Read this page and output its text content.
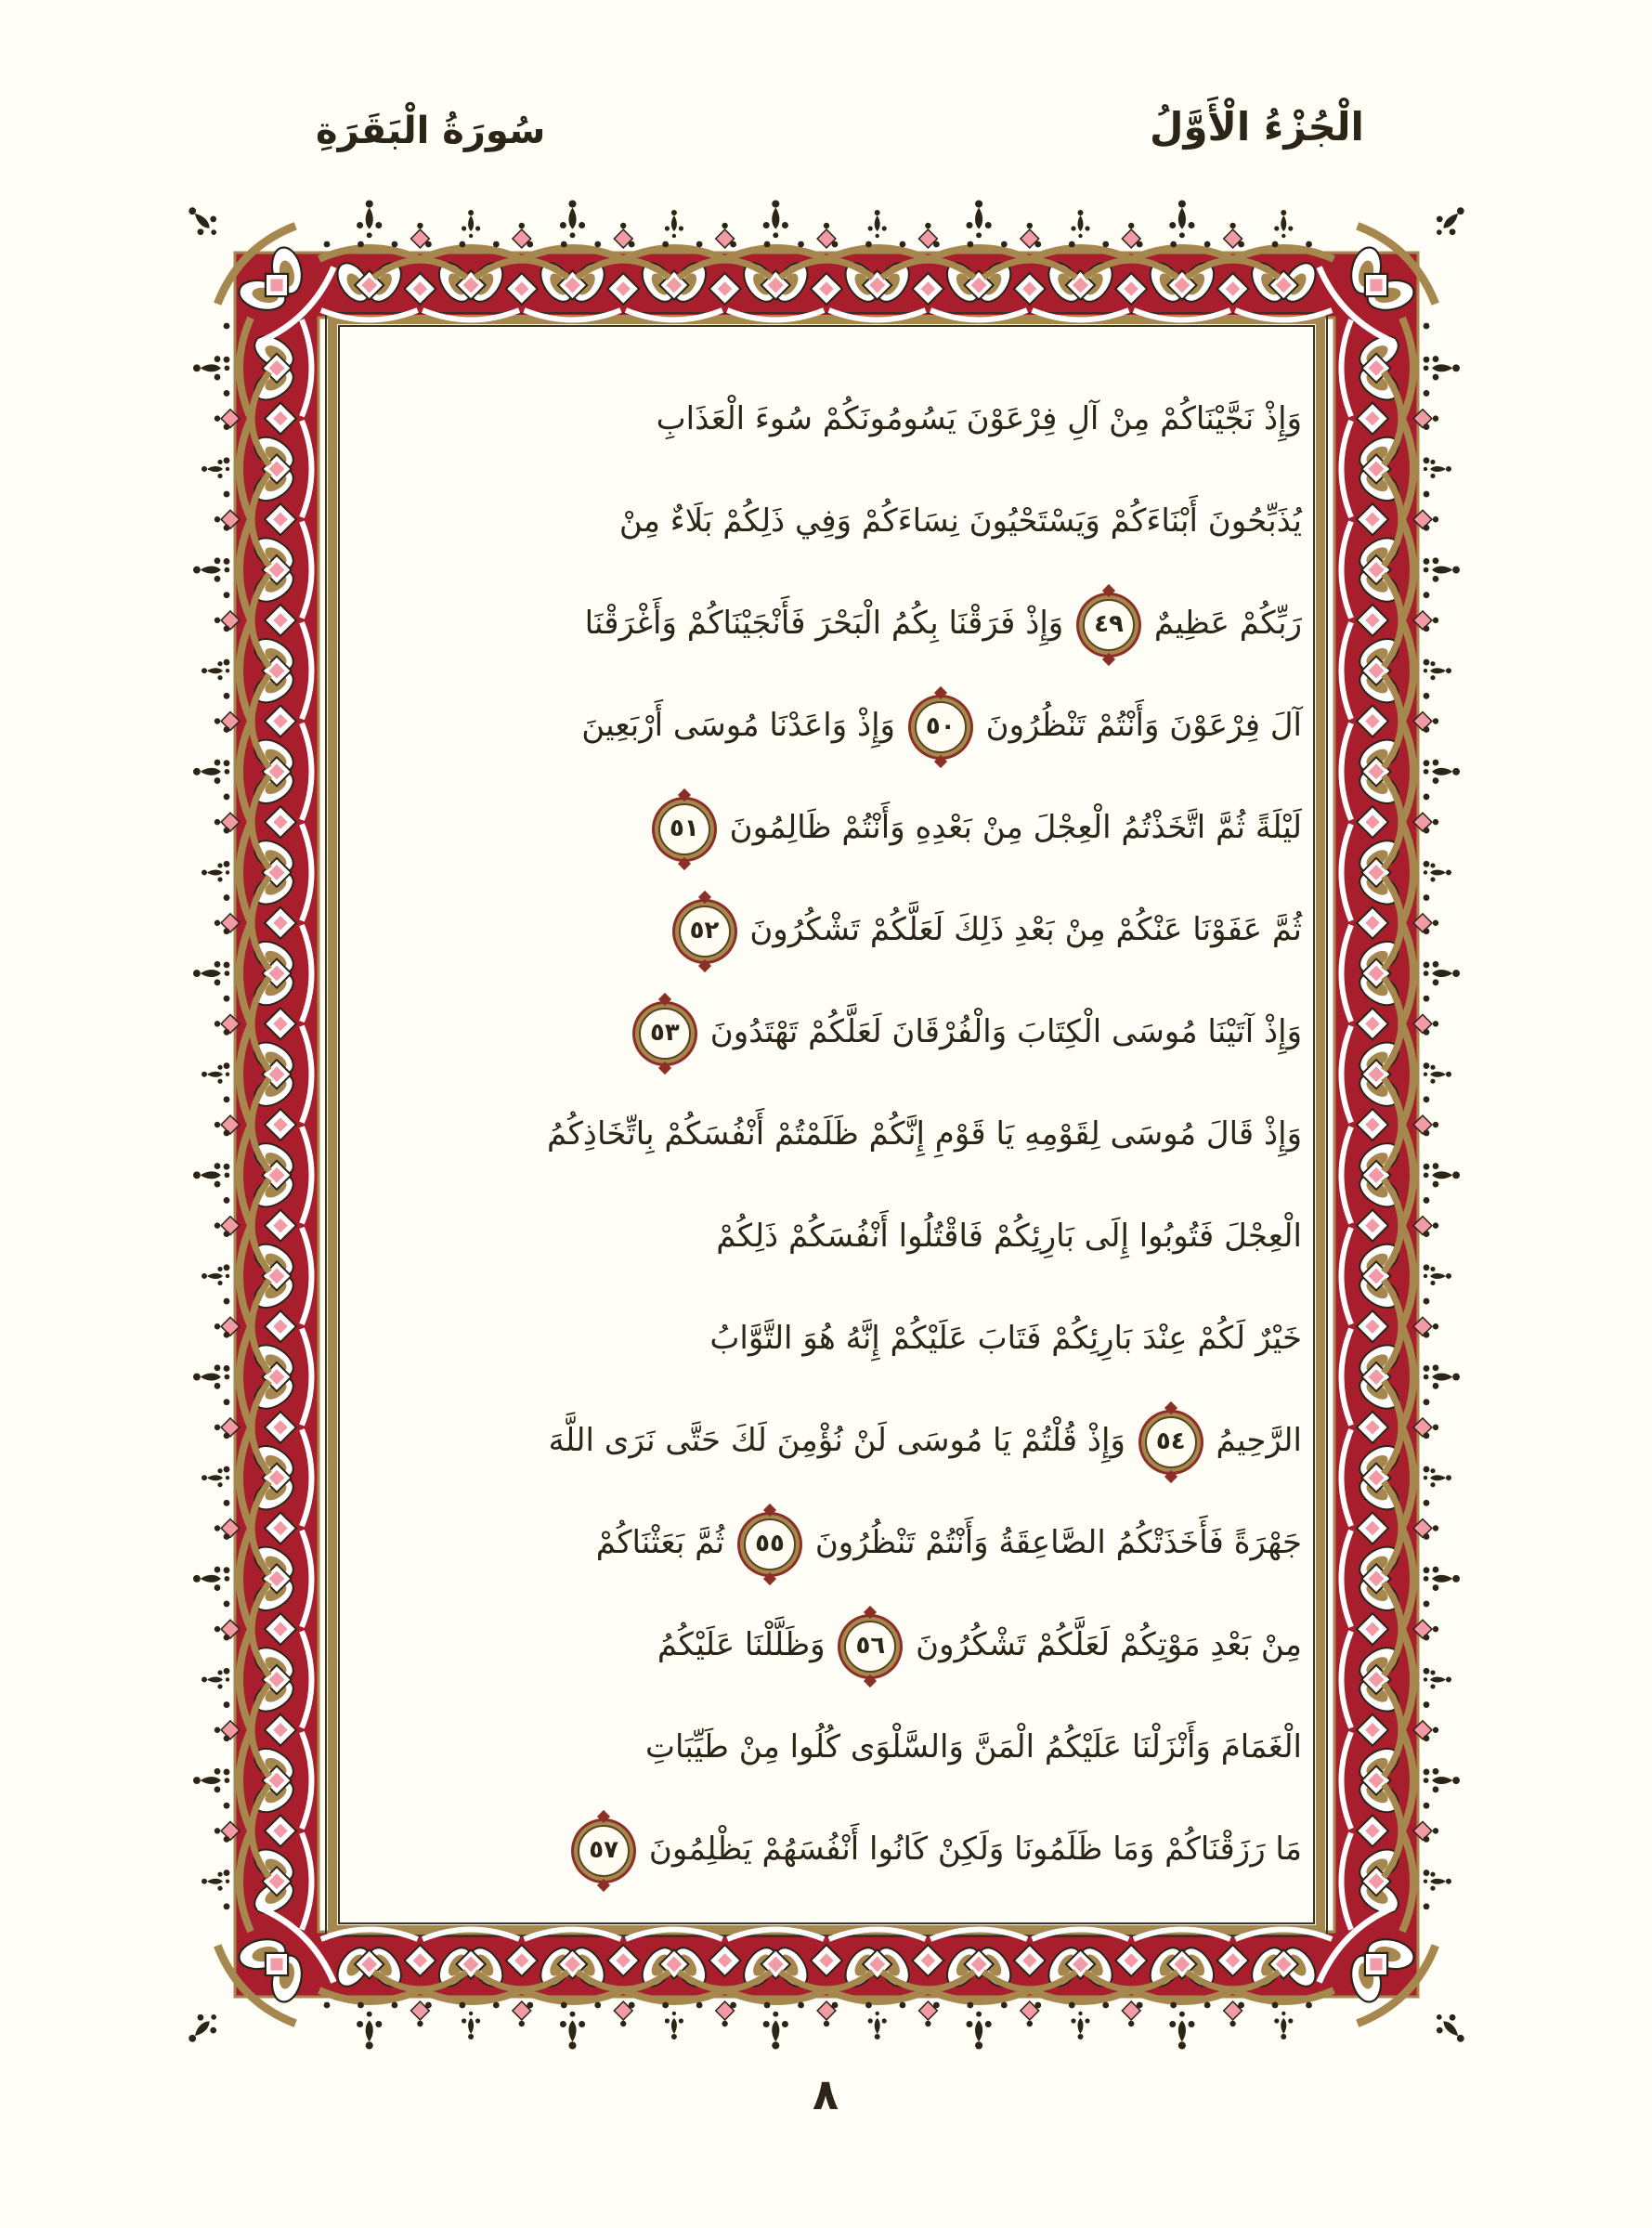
سُورَةُ الْبَقَرَةِ	الْجُزْءُ الْأَوَّلُ
وَإِذْ نَجَّيْنَاكُمْ مِنْ آلِ فِرْعَوْنَ يَسُومُونَكُمْ سُوءَ الْعَذَابِ
يُذَبِّحُونَ أَبْنَاءَكُمْ وَيَسْتَحْيُونَ نِسَاءَكُمْ وَفِي ذَلِكُمْ بَلَاءٌ مِنْ
رَبِّكُمْ عَظِيمٌ ٤٩ وَإِذْ فَرَقْنَا بِكُمُ الْبَحْرَ فَأَنْجَيْنَاكُمْ وَأَغْرَقْنَا
آلَ فِرْعَوْنَ وَأَنْتُمْ تَنْظُرُونَ ٥٠ وَإِذْ وَاعَدْنَا مُوسَى أَرْبَعِينَ
لَيْلَةً ثُمَّ اتَّخَذْتُمُ الْعِجْلَ مِنْ بَعْدِهِ وَأَنْتُمْ ظَالِمُونَ ٥١
ثُمَّ عَفَوْنَا عَنْكُمْ مِنْ بَعْدِ ذَلِكَ لَعَلَّكُمْ تَشْكُرُونَ ٥٢
وَإِذْ آتَيْنَا مُوسَى الْكِتَابَ وَالْفُرْقَانَ لَعَلَّكُمْ تَهْتَدُونَ ٥٣
وَإِذْ قَالَ مُوسَى لِقَوْمِهِ يَا قَوْمِ إِنَّكُمْ ظَلَمْتُمْ أَنْفُسَكُمْ بِاتِّخَاذِكُمُ
الْعِجْلَ فَتُوبُوا إِلَى بَارِئِكُمْ فَاقْتُلُوا أَنْفُسَكُمْ ذَلِكُمْ
خَيْرٌ لَكُمْ عِنْدَ بَارِئِكُمْ فَتَابَ عَلَيْكُمْ إِنَّهُ هُوَ التَّوَّابُ
الرَّحِيمُ ٥٤ وَإِذْ قُلْتُمْ يَا مُوسَى لَنْ نُؤْمِنَ لَكَ حَتَّى نَرَى اللَّهَ
جَهْرَةً فَأَخَذَتْكُمُ الصَّاعِقَةُ وَأَنْتُمْ تَنْظُرُونَ ٥٥ ثُمَّ بَعَثْنَاكُمْ
مِنْ بَعْدِ مَوْتِكُمْ لَعَلَّكُمْ تَشْكُرُونَ ٥٦ وَظَلَّلْنَا عَلَيْكُمُ
الْغَمَامَ وَأَنْزَلْنَا عَلَيْكُمُ الْمَنَّ وَالسَّلْوَى كُلُوا مِنْ طَيِّبَاتِ
مَا رَزَقْنَاكُمْ وَمَا ظَلَمُونَا وَلَكِنْ كَانُوا أَنْفُسَهُمْ يَظْلِمُونَ ٥٧
٨
